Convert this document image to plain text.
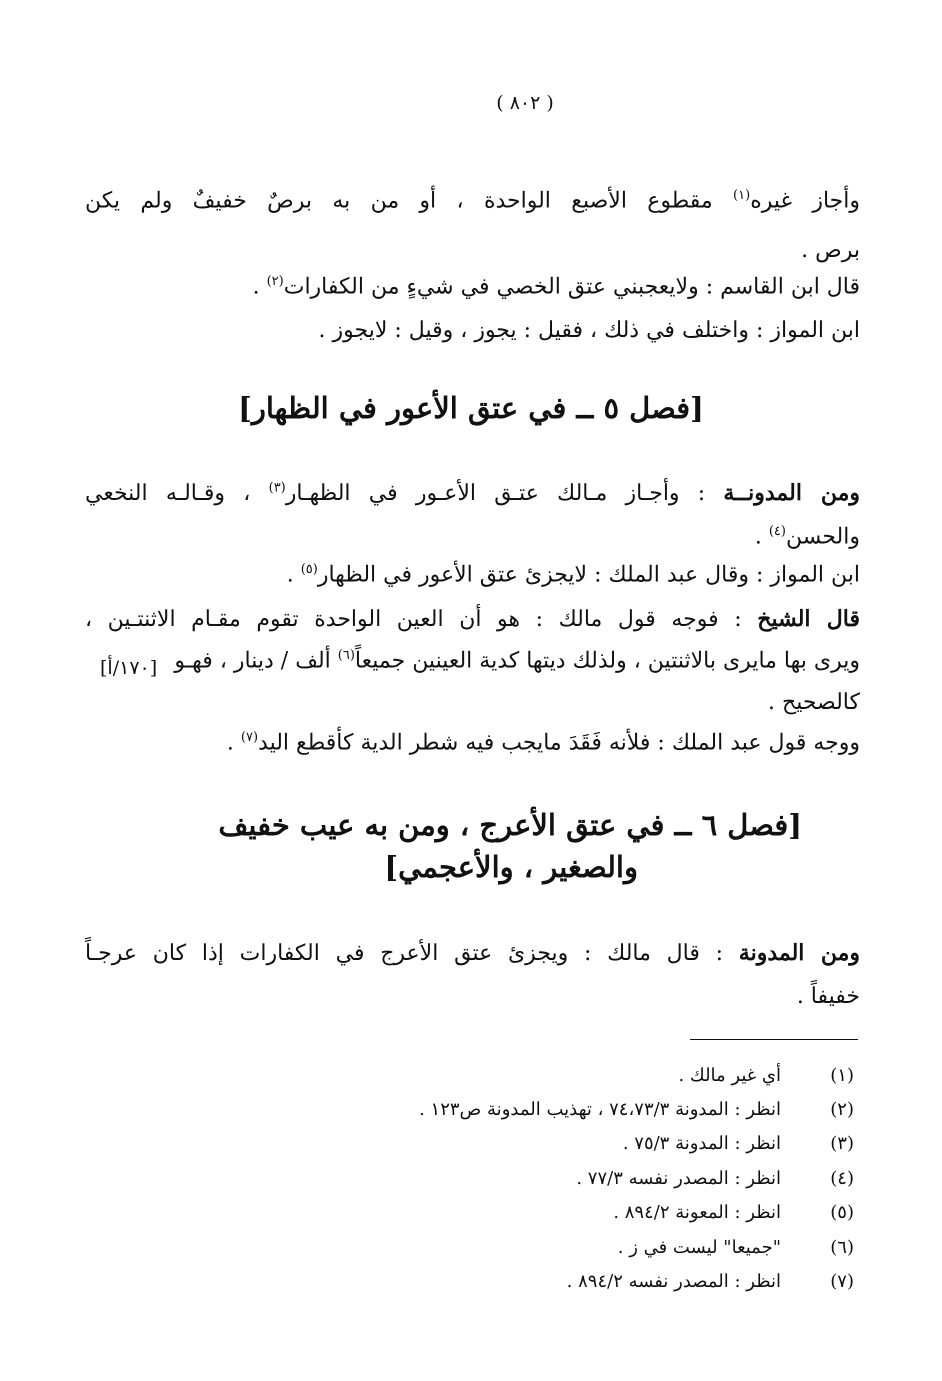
( ٨٠٢ )
وأجاز غيره$^{(١)}$ مقطوع الأصبع الواحدة ، أو من به برصٌ خفيفٌ ولم يكن
برص .
قال ابن القاسم : ولايعجبني عتق الخصي في شيءٍ من الكفارات$^{(٢)}$ .
ابن المواز : واختلف في ذلك ، فقيل : يجوز ، وقيل : لايجوز .
[فصل ٥ ــ في عتق الأعور في الظهار]
ومن المدونــة : وأجـاز مـالك عتـق الأعـور في الظهـار$^{(٣)}$ ، وقـالـه النخعي
والحسن$^{(٤)}$ .
ابن المواز : وقال عبد الملك : لايجزئ عتق الأعور في الظهار$^{(٥)}$ .
قال الشيخ : فوجه قول مالك : هو أن العين الواحدة تقوم مقـام الاثنتـين ،
ويرى بها مايرى بالاثنتين ، ولذلك ديتها كدية العينين جميعاً$^{(٦)}$ ألف / دينار ، فهـو
[١٧٠/أ]
كالصحيح .
ووجه قول عبد الملك : فلأنه فَقَدَ مايجب فيه شطر الدية كأقطع اليد$^{(٧)}$ .
[فصل ٦ ــ في عتق الأعرج ، ومن به عيب خفيف
والصغير ، والأعجمي]
ومن المدونة : قال مالك : ويجزئ عتق الأعرج في الكفارات إذا كان عرجـاً
خفيفاً .
(١)أي غير مالك .
(٢)انظر : المدونة ٧٤،٧٣/٣ ، تهذيب المدونة ص١٢٣ .
(٣)انظر : المدونة ٧٥/٣ .
(٤)انظر : المصدر نفسه ٧٧/٣ .
(٥)انظر : المعونة ٨٩٤/٢ .
(٦)"جميعا" ليست في ز .
(٧)انظر : المصدر نفسه ٨٩٤/٢ .
